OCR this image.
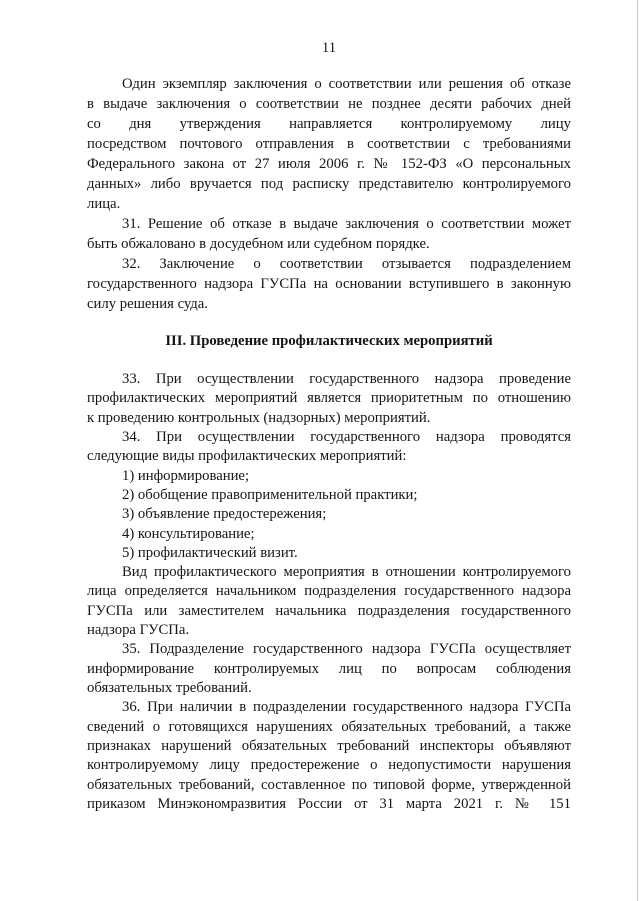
11
Один экземпляр заключения о соответствии или решения об отказе
в выдаче заключения о соответствии не позднее десяти рабочих дней
со дня утверждения направляется контролируемому лицу
посредством почтового отправления в соответствии с требованиями
Федерального закона от 27 июля 2006 г. № 152-ФЗ «О персональных
данных» либо вручается под расписку представителю контролируемого
лица.
31. Решение об отказе в выдаче заключения о соответствии может
быть обжаловано в досудебном или судебном порядке.
32. Заключение о соответствии отзывается подразделением
государственного надзора ГУСПа на основании вступившего в законную
силу решения суда.
III. Проведение профилактических мероприятий
33. При осуществлении государственного надзора проведение
профилактических мероприятий является приоритетным по отношению
к проведению контрольных (надзорных) мероприятий.
34. При осуществлении государственного надзора проводятся
следующие виды профилактических мероприятий:
1) информирование;
2) обобщение правоприменительной практики;
3) объявление предостережения;
4) консультирование;
5) профилактический визит.
Вид профилактического мероприятия в отношении контролируемого
лица определяется начальником подразделения государственного надзора
ГУСПа или заместителем начальника подразделения государственного
надзора ГУСПа.
35. Подразделение государственного надзора ГУСПа осуществляет
информирование контролируемых лиц по вопросам соблюдения
обязательных требований.
36. При наличии в подразделении государственного надзора ГУСПа
сведений о готовящихся нарушениях обязательных требований, а также
признаках нарушений обязательных требований инспекторы объявляют
контролируемому лицу предостережение о недопустимости нарушения
обязательных требований, составленное по типовой форме, утвержденной
приказом Минэкономразвития России от 31 марта 2021 г. № 151
